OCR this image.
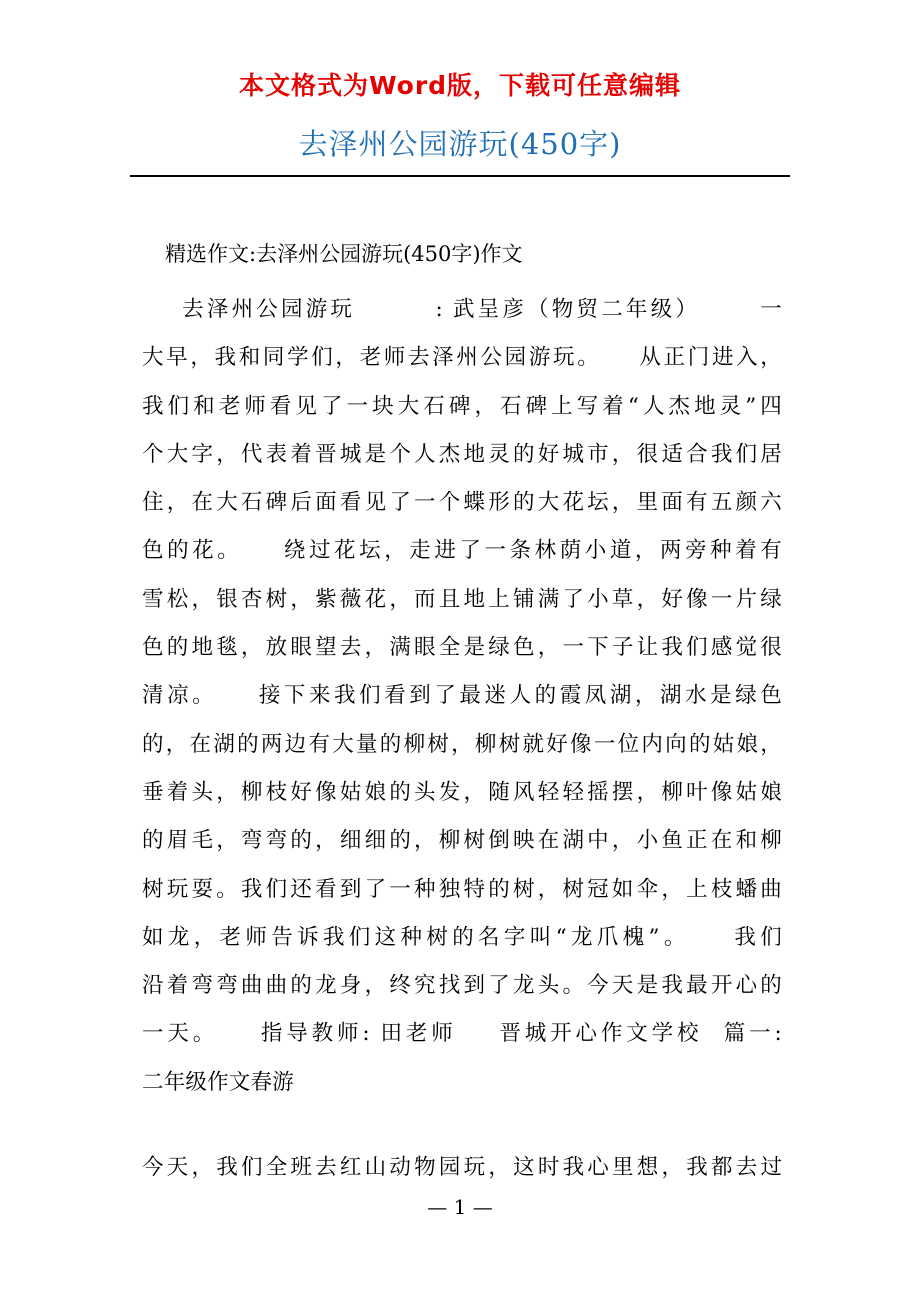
本文格式为Word版，下载可任意编辑
去泽州公园游玩(450字)
精选作文:去泽州公园游玩(450字)作文
去泽州公园游玩        : 武呈彦（物贸二年级）      一
大早，我和同学们，老师去泽州公园游玩。    从正门进入，
我们和老师看见了一块大石碑，石碑上写着“人杰地灵”四
个大字，代表着晋城是个人杰地灵的好城市，很适合我们居
住，在大石碑后面看见了一个蝶形的大花坛，里面有五颜六
色的花。    绕过花坛，走进了一条林荫小道，两旁种着有
雪松，银杏树，紫薇花，而且地上铺满了小草，好像一片绿
色的地毯，放眼望去，满眼全是绿色，一下子让我们感觉很
清凉。    接下来我们看到了最迷人的霞凤湖，湖水是绿色
的，在湖的两边有大量的柳树，柳树就好像一位内向的姑娘，
垂着头，柳枝好像姑娘的头发，随风轻轻摇摆，柳叶像姑娘
的眉毛，弯弯的，细细的，柳树倒映在湖中，小鱼正在和柳
树玩耍。我们还看到了一种独特的树，树冠如伞，上枝蟠曲
如龙，老师告诉我们这种树的名字叫“龙爪槐”。    我们
沿着弯弯曲曲的龙身，终究找到了龙头。今天是我最开心的
一天。    指导教师: 田老师    晋城开心作文学校  篇一:
二年级作文春游
今天，我们全班去红山动物园玩，这时我心里想，我都去过
— 1 —
